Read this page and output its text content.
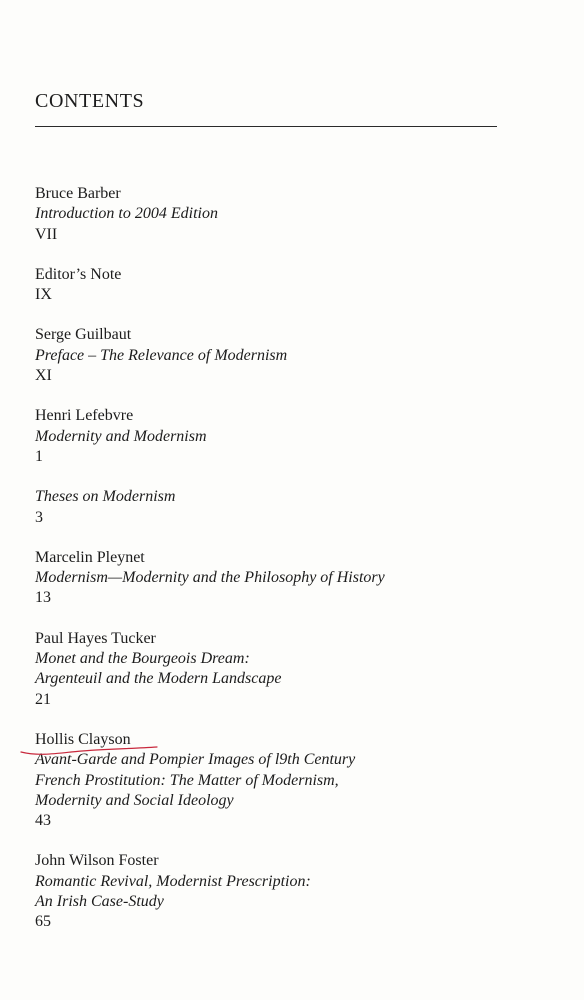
CONTENTS
Bruce Barber
Introduction to 2004 Edition
VII
Editor’s Note
IX
Serge Guilbaut
Preface – The Relevance of Modernism
XI
Henri Lefebvre
Modernity and Modernism
1
Theses on Modernism
3
Marcelin Pleynet
Modernism—Modernity and the Philosophy of History
13
Paul Hayes Tucker
Monet and the Bourgeois Dream:
Argenteuil and the Modern Landscape
21
Hollis Clayson
Avant-Garde and Pompier Images of l9th Century
French Prostitution: The Matter of Modernism,
Modernity and Social Ideology
43
John Wilson Foster
Romantic Revival, Modernist Prescription:
An Irish Case-Study
65
